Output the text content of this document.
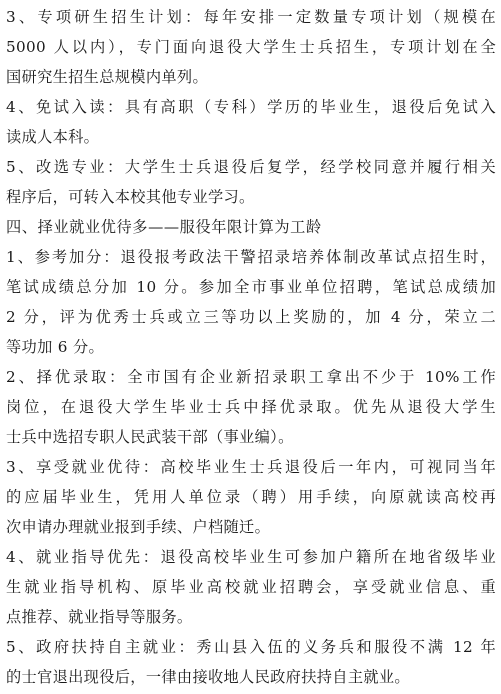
3、专项研生招生计划：每年安排一定数量专项计划（规模在
5000 人以内），专门面向退役大学生士兵招生，专项计划在全
国研究生招生总规模内单列。
4、免试入读：具有高职（专科）学历的毕业生，退役后免试入
读成人本科。
5、改选专业：大学生士兵退役后复学，经学校同意并履行相关
程序后，可转入本校其他专业学习。
四、择业就业优待多——服役年限计算为工龄
1、参考加分：退役报考政法干警招录培养体制改革试点招生时，
笔试成绩总分加 10 分。参加全市事业单位招聘，笔试总成绩加
2 分，评为优秀士兵或立三等功以上奖励的，加 4 分，荣立二
等功加 6 分。
2、择优录取：全市国有企业新招录职工拿出不少于 10%工作
岗位，在退役大学生毕业士兵中择优录取。优先从退役大学生
士兵中选招专职人民武装干部（事业编）。
3、享受就业优待：高校毕业生士兵退役后一年内，可视同当年
的应届毕业生，凭用人单位录（聘）用手续，向原就读高校再
次申请办理就业报到手续、户档随迁。
4、就业指导优先：退役高校毕业生可参加户籍所在地省级毕业
生就业指导机构、原毕业高校就业招聘会，享受就业信息、重
点推荐、就业指导等服务。
5、政府扶持自主就业：秀山县入伍的义务兵和服役不满 12 年
的士官退出现役后，一律由接收地人民政府扶持自主就业。
